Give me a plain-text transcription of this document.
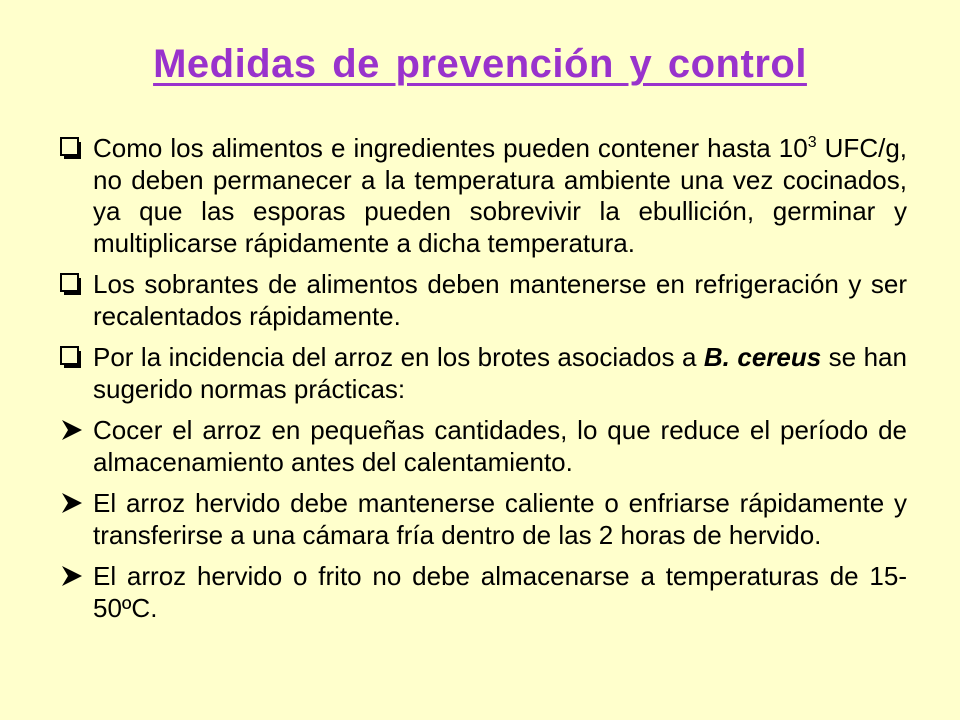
Medidas de prevención y control
Como los alimentos e ingredientes pueden contener hasta $10^3$ UFC/g, no deben permanecer a la temperatura ambiente una vez cocinados, ya que las esporas pueden sobrevivir la ebullición, germinar y multiplicarse rápidamente a dicha temperatura.
Los sobrantes de alimentos deben mantenerse en refrigeración y ser recalentados rápidamente.
Por la incidencia del arroz en los brotes asociados a B. cereus se han sugerido normas prácticas:
Cocer el arroz en pequeñas cantidades, lo que reduce el período de almacenamiento antes del calentamiento.
El arroz hervido debe mantenerse caliente o enfriarse rápidamente y transferirse a una cámara fría dentro de las 2 horas de hervido.
El arroz hervido o frito no debe almacenarse a temperaturas de 15- 50ºC.
